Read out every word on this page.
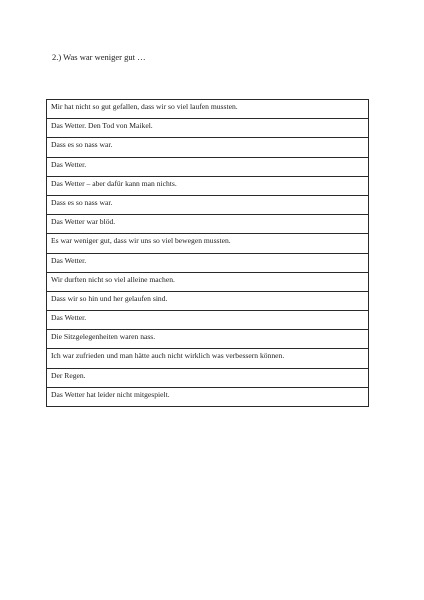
2.) Was war weniger gut …
Mir hat nicht so gut gefallen, dass wir so viel laufen mussten.
Das Wetter. Den Tod von Maikel.
Dass es so nass war.
Das Wetter.
Das Wetter – aber dafür kann man nichts.
Dass es so nass war.
Das Wetter war blöd.
Es war weniger gut, dass wir uns so viel bewegen mussten.
Das Wetter.
Wir durften nicht so viel alleine machen.
Dass wir so hin und her gelaufen sind.
Das Wetter.
Die Sitzgelegenheiten waren nass.
Ich war zufrieden und man hätte auch nicht wirklich was verbessern können.
Der Regen.
Das Wetter hat leider nicht mitgespielt.
